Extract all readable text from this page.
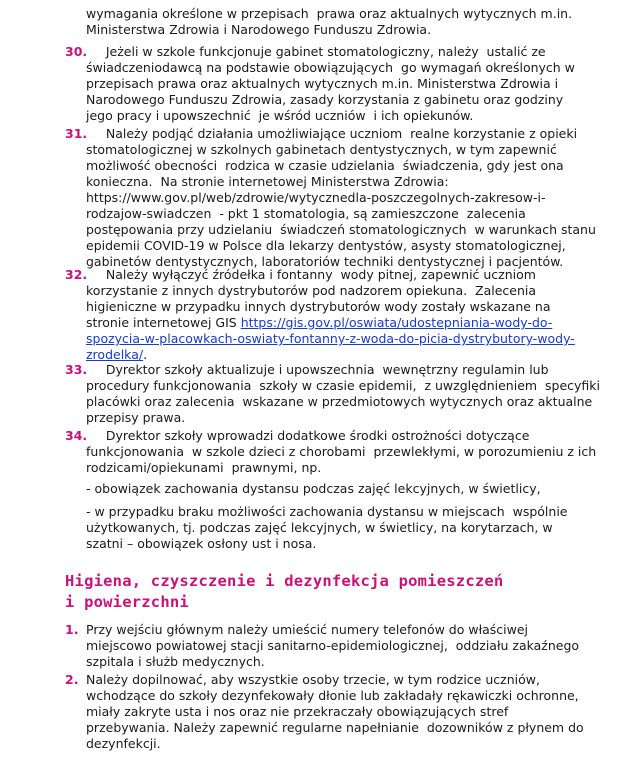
wymagania określone w przepisach  prawa oraz aktualnych wytycznych m.in.
Ministerstwa Zdrowia i Narodowego Funduszu Zdrowia.
30.
Jeżeli w szkole funkcjonuje gabinet stomatologiczny, należy  ustalić ze
świadczeniodawcą na podstawie obowiązujących  go wymagań określonych w
przepisach prawa oraz aktualnych wytycznych m.in. Ministerstwa Zdrowia i
Narodowego Funduszu Zdrowia, zasady korzystania z gabinetu oraz godziny
jego pracy i upowszechnić  je wśród uczniów  i ich opiekunów.
31.
Należy podjąć działania umożliwiające uczniom  realne korzystanie z opieki
stomatologicznej w szkolnych gabinetach dentystycznych, w tym zapewnić
możliwość obecności  rodzica w czasie udzielania  świadczenia, gdy jest ona
konieczna.  Na stronie internetowej Ministerstwa Zdrowia:
https://www.gov.pl/web/zdrowie/wytycznedla-poszczegolnych-zakresow-i-
rodzajow-swiadczen  - pkt 1 stomatologia, są zamieszczone  zalecenia
postępowania przy udzielaniu  świadczeń stomatologicznych  w warunkach stanu
epidemii COVID-19 w Polsce dla lekarzy dentystów, asysty stomatologicznej,
gabinetów dentystycznych, laboratoriów techniki dentystycznej i pacjentów.
32.
Należy wyłączyć źródełka i fontanny  wody pitnej, zapewnić uczniom
korzystanie z innych dystrybutorów pod nadzorem opiekuna.  Zalecenia
higieniczne w przypadku innych dystrybutorów wody zostały wskazane na
stronie internetowej GIS https://gis.gov.pl/oswiata/udostepniania-wody-do-
spozycia-w-placowkach-oswiaty-fontanny-z-woda-do-picia-dystrybutory-wody-
zrodelka/.
33.
Dyrektor szkoły aktualizuje i upowszechnia  wewnętrzny regulamin lub
procedury funkcjonowania  szkoły w czasie epidemii,  z uwzględnieniem  specyfiki
placówki oraz zalecenia  wskazane w przedmiotowych wytycznych oraz aktualne
przepisy prawa.
34.
Dyrektor szkoły wprowadzi dodatkowe środki ostrożności dotyczące
funkcjonowania  w szkole dzieci z chorobami  przewlekłymi, w porozumieniu z ich
rodzicami/opiekunami  prawnymi, np.
- obowiązek zachowania dystansu podczas zajęć lekcyjnych, w świetlicy,
- w przypadku braku możliwości zachowania dystansu w miejscach  wspólnie
użytkowanych, tj. podczas zajęć lekcyjnych, w świetlicy, na korytarzach, w
szatni – obowiązek osłony ust i nosa.
Higiena, czyszczenie i dezynfekcja pomieszczeń
i powierzchni
1. Przy wejściu głównym należy umieścić numery telefonów do właściwej
miejscowo powiatowej stacji sanitarno-epidemiologicznej,  oddziału zakaźnego
szpitala i służb medycznych.
2. Należy dopilnować, aby wszystkie osoby trzecie, w tym rodzice uczniów,
wchodzące do szkoły dezynfekowały dłonie lub zakładały rękawiczki ochronne,
miały zakryte usta i nos oraz nie przekraczały obowiązujących stref
przebywania. Należy zapewnić regularne napełnianie  dozowników z płynem do
dezynfekcji.
